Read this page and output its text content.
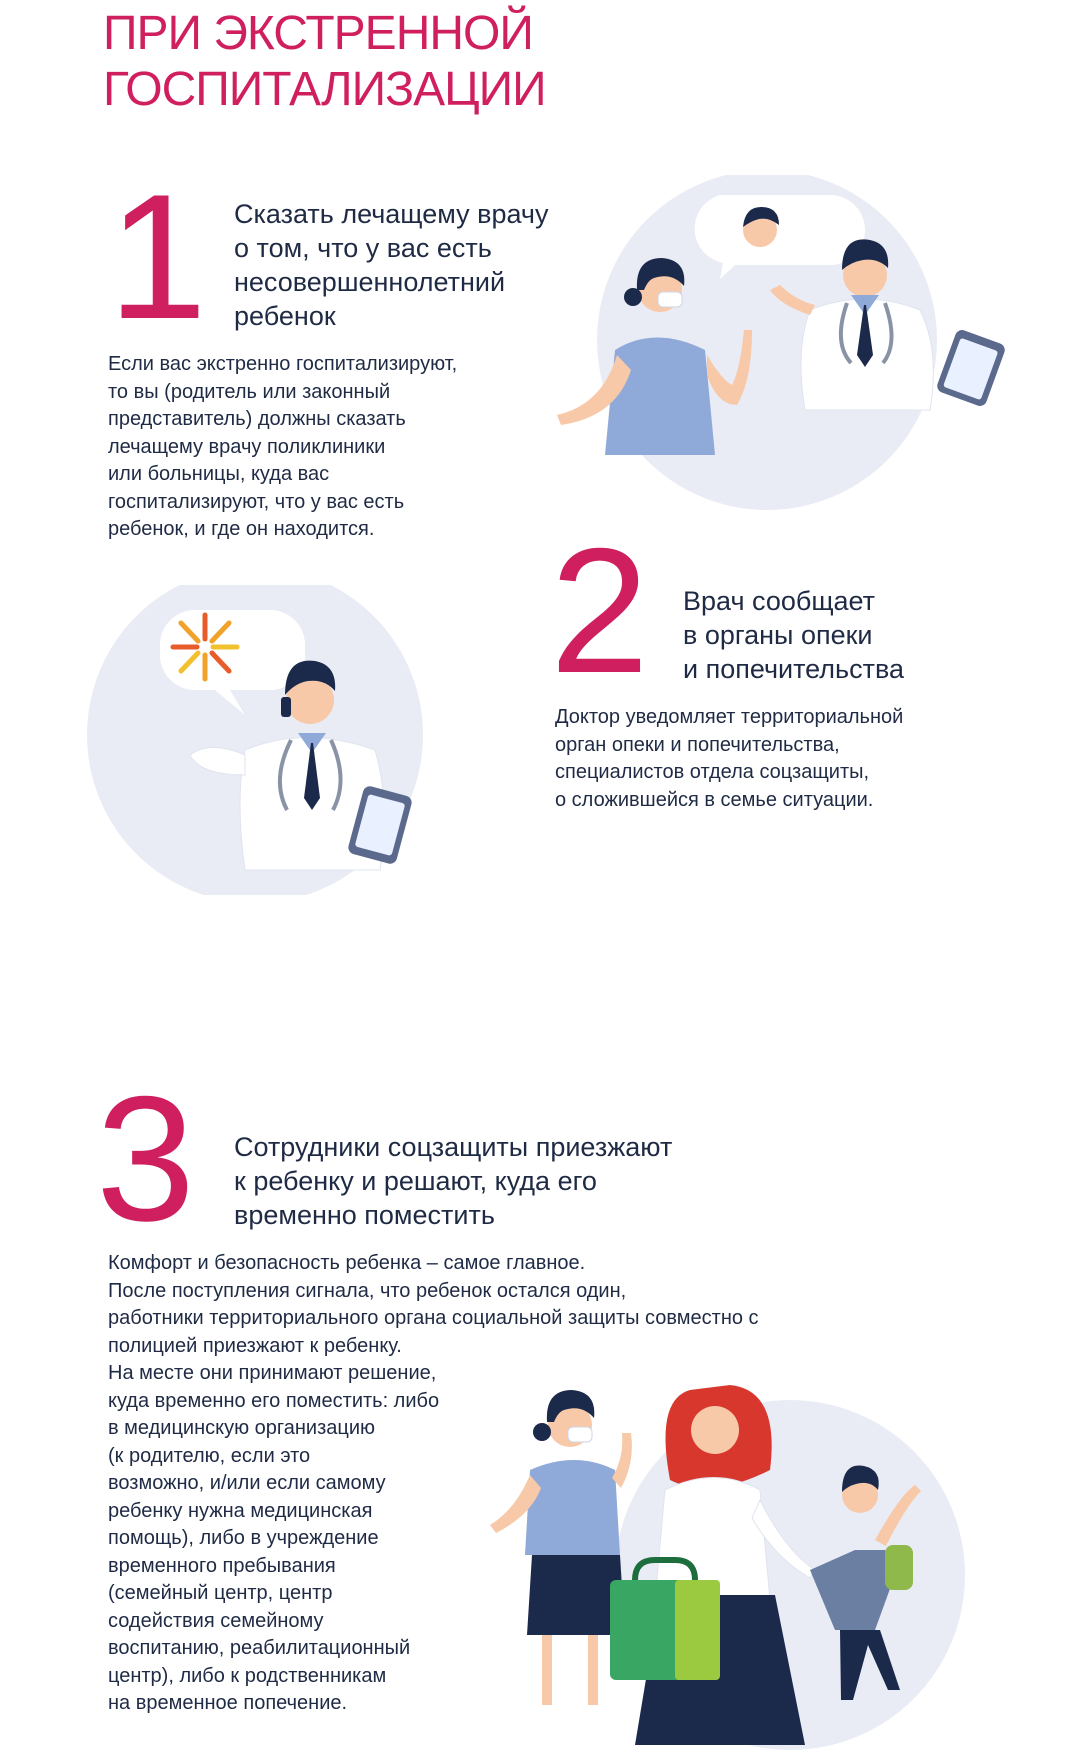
ПРИ ЭКСТРЕННОЙ
ГОСПИТАЛИЗАЦИИ
1 Сказать лечащему врачу
о том, что у вас есть
несовершеннолетний
ребенок
Если вас экстренно госпитализируют,
то вы (родитель или законный
представитель) должны сказать
лечащему врачу поликлиники
или больницы, куда вас
госпитализируют, что у вас есть
ребенок, и где он находится. 2 Врач сообщает
в органы опеки
и попечительства
Доктор уведомляет территориальной
орган опеки и попечительства,
специалистов отдела соцзащиты,
о сложившейся в семье ситуации.
3 Сотрудники соцзащиты приезжают
к ребенку и решают, куда его
временно поместить
Комфорт и безопасность ребенка – самое главное.
После поступления сигнала, что ребенок остался один,
работники территориального органа социальной защиты совместно с
полицией приезжают к ребенку.
На месте они принимают решение,
куда временно его поместить: либо
в медицинскую организацию
(к родителю, если это
возможно, и/или если самому
ребенку нужна медицинская
помощь), либо в учреждение
временного пребывания
(семейный центр, центр
содействия семейному
воспитанию, реабилитационный
центр), либо к родственникам
на временное попечение.
